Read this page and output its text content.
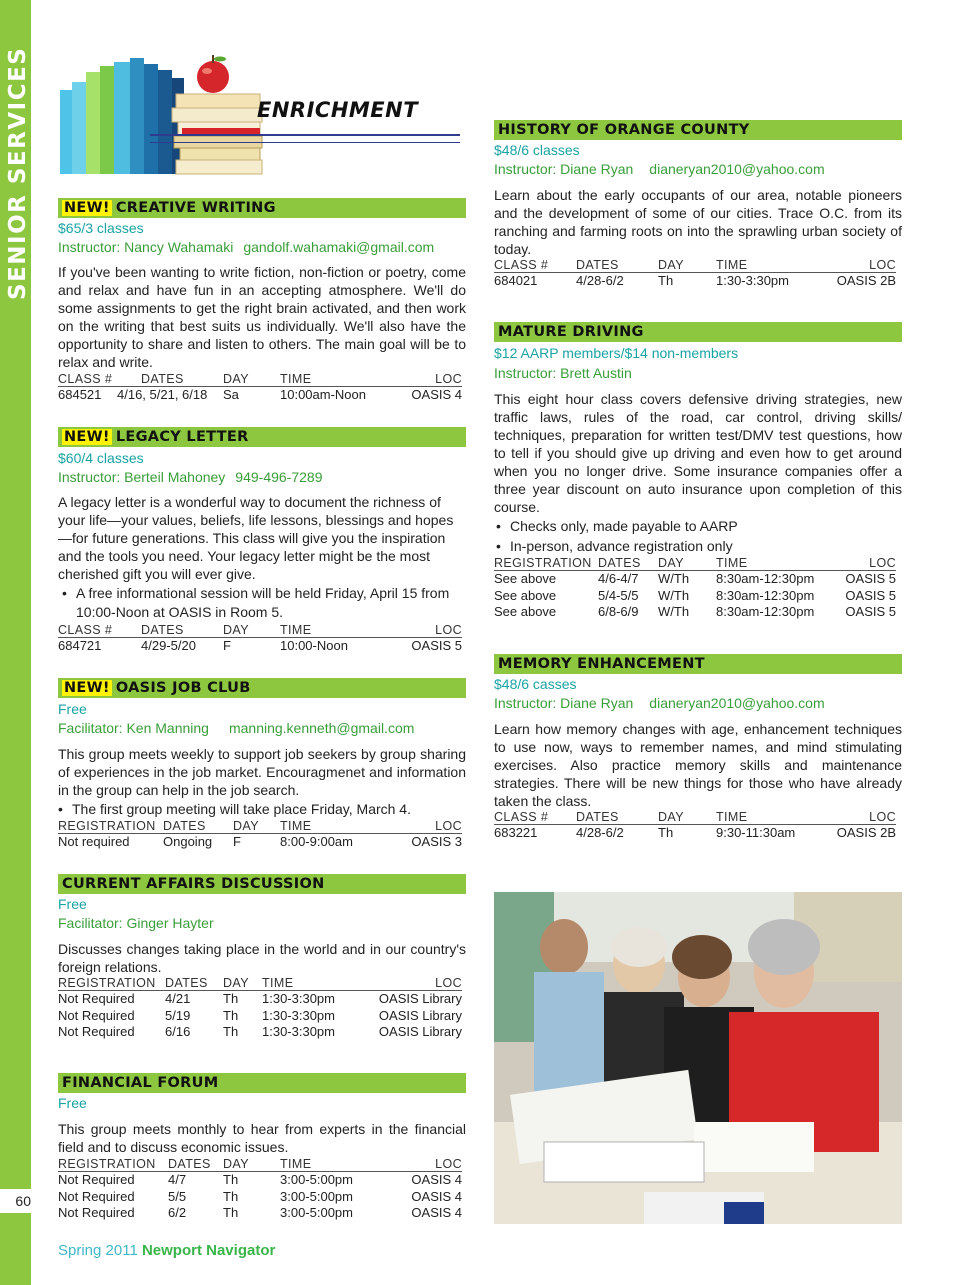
SENIOR SERVICES
60
ENRICHMENT
NEW! CREATIVE WRITING
$65/3 classes
Instructor: Nancy Wahamaki gandolf.wahamaki@gmail.com
If you've been wanting to write fiction, non-fiction or poetry, come and relax and have fun in an accepting atmosphere. We'll do some assignments to get the right brain activated, and then work on the writing that best suits us individually. We'll also have the opportunity to share and listen to others. The main goal will be to relax and write.
CLASS # DATES	DAY TIME	LOC
684521 4/16, 5/21, 6/18 Sa	10:00am-Noon	OASIS 4
NEW! LEGACY LETTER
$60/4 classes
Instructor: Berteil Mahoney 949-496-7289
A legacy letter is a wonderful way to document the richness of your life—your values, beliefs, life lessons, blessings and hopes—for future generations. This class will give you the inspiration and the tools you need. Your legacy letter might be the most cherished gift you will ever give.
• A free informational session will be held Friday, April 15 from 10:00-Noon at OASIS in Room 5.
CLASS # DATES	DAY TIME	LOC
684721	4/29-5/20 F	10:00-Noon	OASIS 5
NEW! OASIS JOB CLUB
Free
Facilitator: Ken Manning manning.kenneth@gmail.com
This group meets weekly to support job seekers by group sharing of experiences in the job market. Encouragmenet and information in the group can help in the job search.
• The first group meeting will take place Friday, March 4.
REGISTRATION DATES DAY TIME	LOC
Not required	Ongoing F	8:00-9:00am	OASIS 3
CURRENT AFFAIRS DISCUSSION
Free
Facilitator: Ginger Hayter
Discusses changes taking place in the world and in our country's foreign relations.
REGISTRATION DATES DAY TIME	LOC
Not Required 4/21	Th 1:30-3:30pm	OASIS Library
Not Required 5/19	Th 1:30-3:30pm	OASIS Library
Not Required 6/16	Th 1:30-3:30pm	OASIS Library
FINANCIAL FORUM
Free
This group meets monthly to hear from experts in the financial field and to discuss economic issues.
REGISTRATION DATES DAY TIME	LOC
Not Required	4/7	Th	3:00-5:00pm	OASIS 4
Not Required	5/5	Th	3:00-5:00pm	OASIS 4
Not Required	6/2	Th	3:00-5:00pm	OASIS 4
HISTORY OF ORANGE COUNTY
$48/6 classes
Instructor: Diane Ryan dianeryan2010@yahoo.com
Learn about the early occupants of our area, notable pioneers and the development of some of our cities. Trace O.C. from its ranching and farming roots on into the sprawling urban society of today.
CLASS # DATES	DAY	TIME	LOC
684021	4/28-6/2	Th	1:30-3:30pm	OASIS 2B
MATURE DRIVING
$12 AARP members/$14 non-members
Instructor: Brett Austin
This eight hour class covers defensive driving strategies, new traffic laws, rules of the road, car control, driving skills/ techniques, preparation for written test/DMV test questions, how to tell if you should give up driving and even how to get around when you no longer drive. Some insurance companies offer a three year discount on auto insurance upon completion of this course.
• Checks only, made payable to AARP
• In-person, advance registration only
REGISTRATION DATES DAY	TIME	LOC
See above	4/6-4/7 W/Th 8:30am-12:30pm OASIS 5
See above	5/4-5/5 W/Th 8:30am-12:30pm OASIS 5
See above	6/8-6/9 W/Th 8:30am-12:30pm OASIS 5
MEMORY ENHANCEMENT
$48/6 casses
Instructor: Diane Ryan dianeryan2010@yahoo.com
Learn how memory changes with age, enhancement techniques to use now, ways to remember names, and mind stimulating exercises. Also practice memory skills and maintenance strategies. There will be new things for those who have already taken the class.
CLASS # DATES	DAY	TIME	LOC
683221	4/28-6/2	Th	9:30-11:30am	OASIS 2B
Spring 2011 Newport Navigator
